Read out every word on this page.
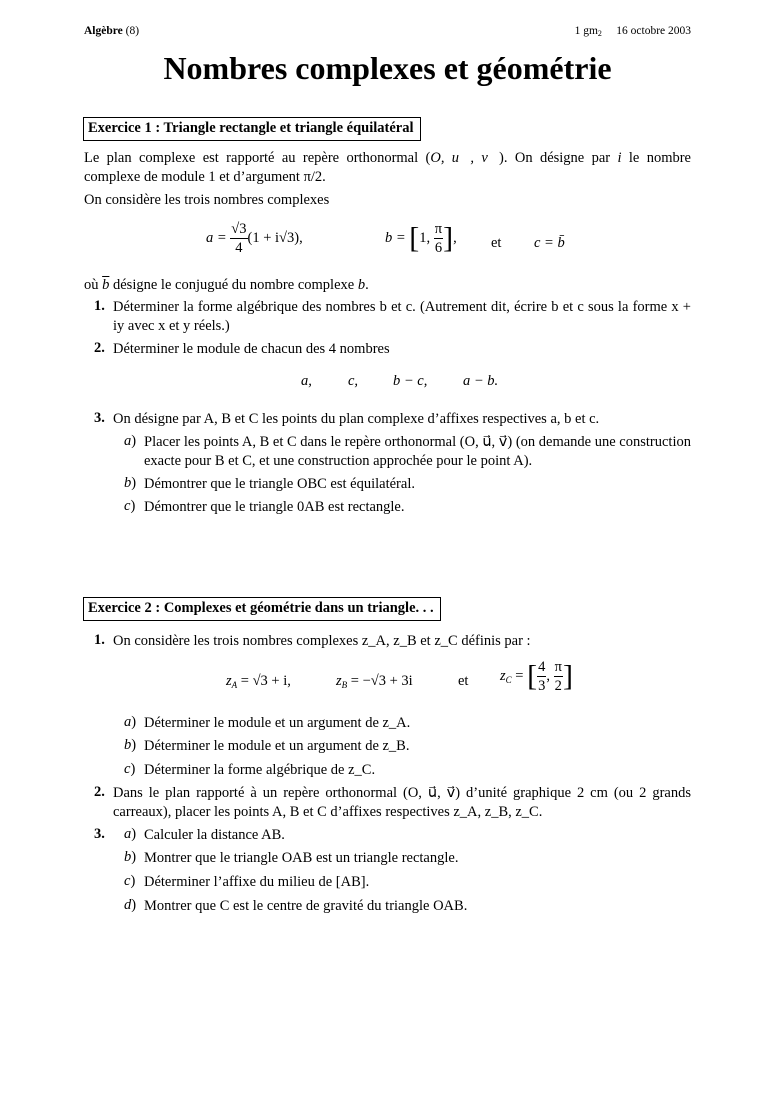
Algèbre (8)	1 $gm_2$ 16 octobre 2003
Nombres complexes et géométrie
Exercice 1 : Triangle rectangle et triangle équilatéral
Le plan complexe est rapporté au repère orthonormal (O, u⃗, v⃗). On désigne par i le nombre complexe de module 1 et d’argument π/2.
On considère les trois nombres complexes
$a = \frac{√3}{4} (1 + i√3)$,	b = [1, $\frac{\pi}{6}$ ], et c = b̄
où $\overline{b}$ désigne le conjugué du nombre complexe b.
1. Déterminer la forme algébrique des nombres b et c. (Autrement dit, écrire b et c sous la forme x + iy avec x et y réels.)
2. Déterminer le module de chacun des 4 nombres
a, c, b − c, a − b.
3. On désigne par A, B et C les points du plan complexe d’affixes respectives a, b et c.
a) Placer les points A, B et C dans le repère orthonormal (O, u⃗, v⃗) (on demande une construction exacte pour B et C, et une construction approchée pour le point A).
b) Démontrer que le triangle OBC est équilatéral.
c) Démontrer que le triangle 0AB est rectangle.
Exercice 2 : Complexes et géométrie dans un triangle. . .
1. On considère les trois nombres complexes z_A, z_B et z_C définis par :
$z_A = √3 + i$,	$z_B = -√3 + 3i$	et $z_C$ = [ $\frac{4}{3}$ , $\frac{\pi}{2}$ ]
a) Déterminer le module et un argument de z_A.
b) Déterminer le module et un argument de z_B.
c) Déterminer la forme algébrique de z_C.
2. Dans le plan rapporté à un repère orthonormal (O, u⃗, v⃗) d’unité graphique 2 cm (ou 2 grands carreaux), placer les points A, B et C d’affixes respectives z_A, z_B, z_C.
3. a) Calculer la distance AB.
b) Montrer que le triangle OAB est un triangle rectangle.
c) Déterminer l’affixe du milieu de [AB].
d) Montrer que C est le centre de gravité du triangle OAB.
